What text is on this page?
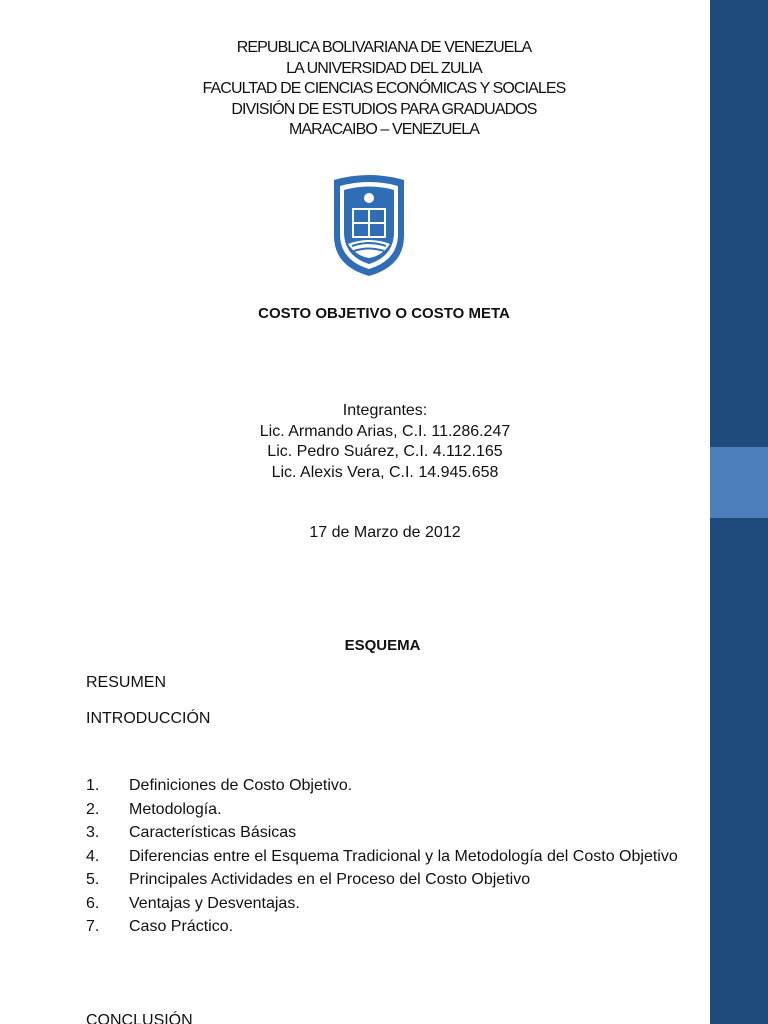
REPUBLICA BOLIVARIANA DE VENEZUELA
LA UNIVERSIDAD DEL ZULIA
FACULTAD DE CIENCIAS ECONÓMICAS Y SOCIALES
DIVISIÓN DE ESTUDIOS PARA GRADUADOS
MARACAIBO – VENEZUELA
COSTO OBJETIVO O COSTO META
Integrantes:
Lic. Armando Arias, C.I. 11.286.247
Lic. Pedro Suárez, C.I. 4.112.165
Lic. Alexis Vera, C.I. 14.945.658
17 de Marzo de 2012
ESQUEMA
RESUMEN
INTRODUCCIÓN
1.	Definiciones de Costo Objetivo.
2.	Metodología.
3.	Características Básicas
4.	Diferencias entre el Esquema Tradicional y la Metodología del Costo Objetivo
5.	Principales Actividades en el Proceso del Costo Objetivo
6.	Ventajas y Desventajas.
7.	Caso Práctico.
CONCLUSIÓN
